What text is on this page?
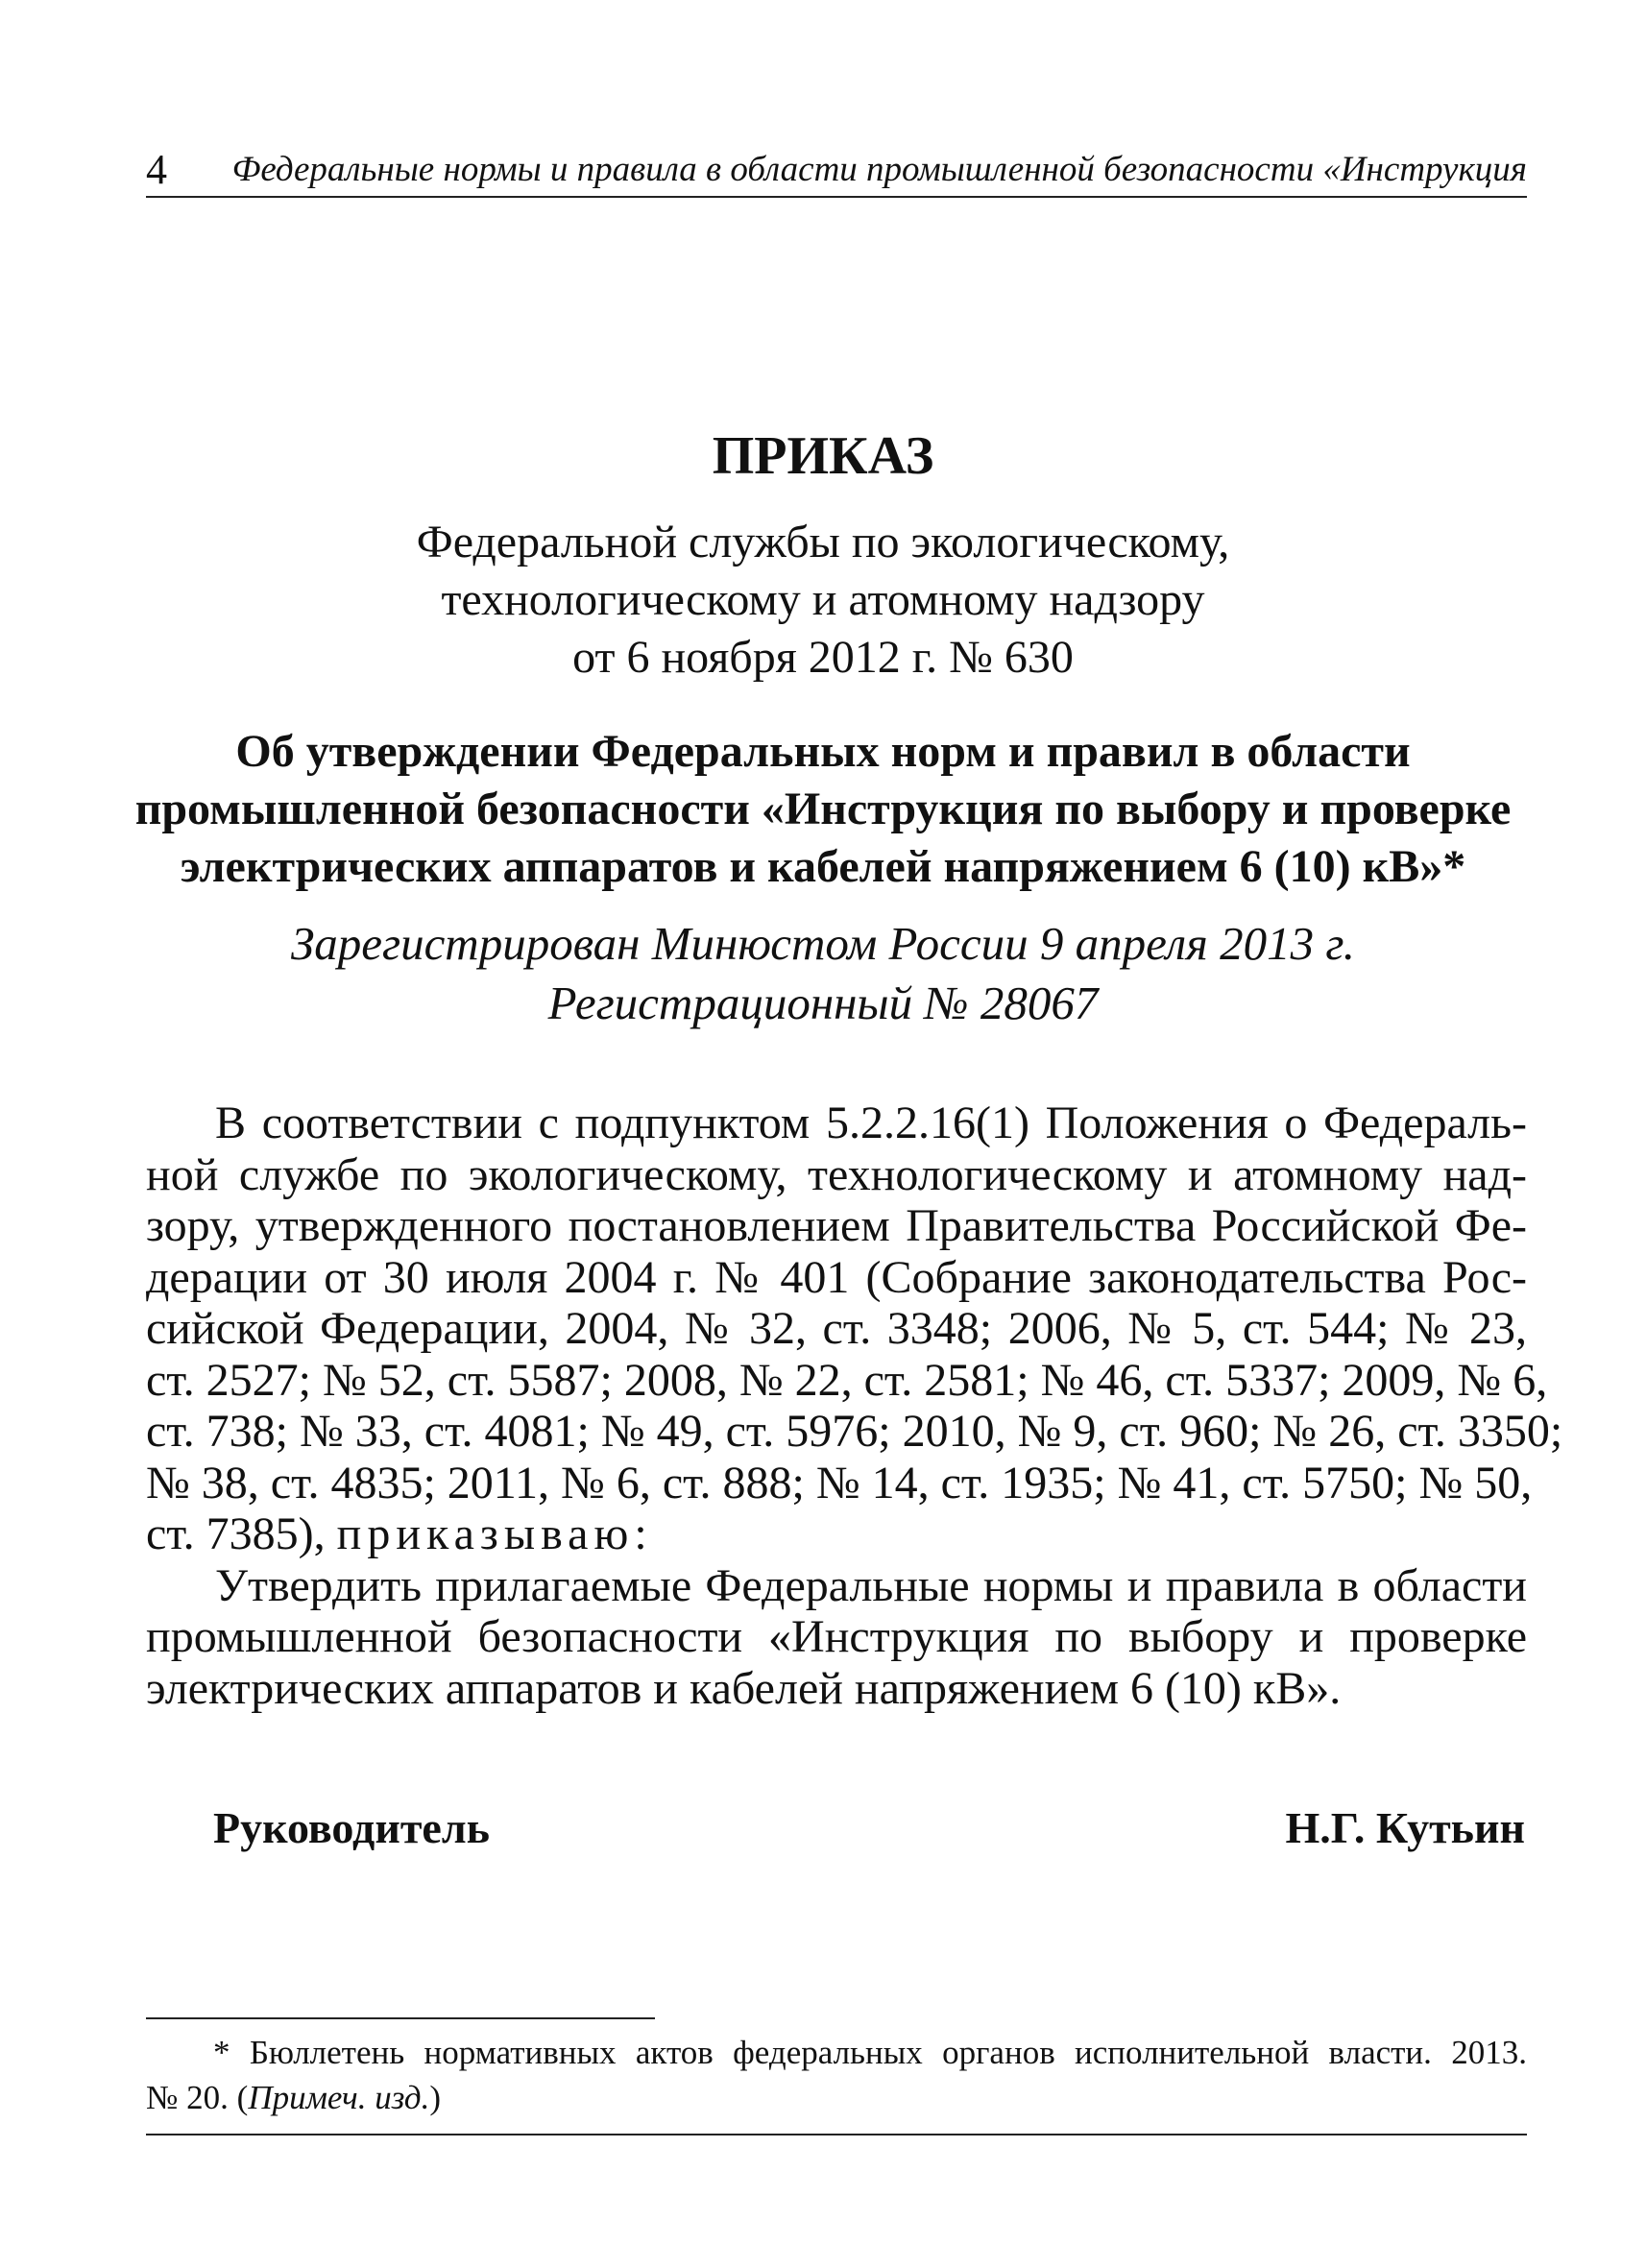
4 Федеральные нормы и правила в области промышленной безопасности «Инструкция
ПРИКАЗ
Федеральной службы по экологическому,
технологическому и атомному надзору
от 6 ноября 2012 г. № 630
Об утверждении Федеральных норм и правил в области
промышленной безопасности «Инструкция по выбору и проверке
электрических аппаратов и кабелей напряжением 6 (10) кВ»*
Зарегистрирован Минюстом России 9 апреля 2013 г.
Регистрационный № 28067
В соответствии с подпунктом 5.2.2.16(1) Положения о Федераль-
ной службе по экологическому, технологическому и атомному над-
зору, утвержденного постановлением Правительства Российской Фе-
дерации от 30 июля 2004 г. № 401 (Собрание законодательства Рос-
сийской Федерации, 2004, № 32, ст. 3348; 2006, № 5, ст. 544; № 23,
ст. 2527; № 52, ст. 5587; 2008, № 22, ст. 2581; № 46, ст. 5337; 2009, № 6,
ст. 738; № 33, ст. 4081; № 49, ст. 5976; 2010, № 9, ст. 960; № 26, ст. 3350;
№ 38, ст. 4835; 2011, № 6, ст. 888; № 14, ст. 1935; № 41, ст. 5750; № 50,
ст. 7385), приказываю:
Утвердить прилагаемые Федеральные нормы и правила в области
промышленной безопасности «Инструкция по выбору и проверке
электрических аппаратов и кабелей напряжением 6 (10) кВ».
Руководитель	Н.Г. Кутьин
* Бюллетень нормативных актов федеральных органов исполнительной власти. 2013.
№ 20. (Примеч. изд.)
